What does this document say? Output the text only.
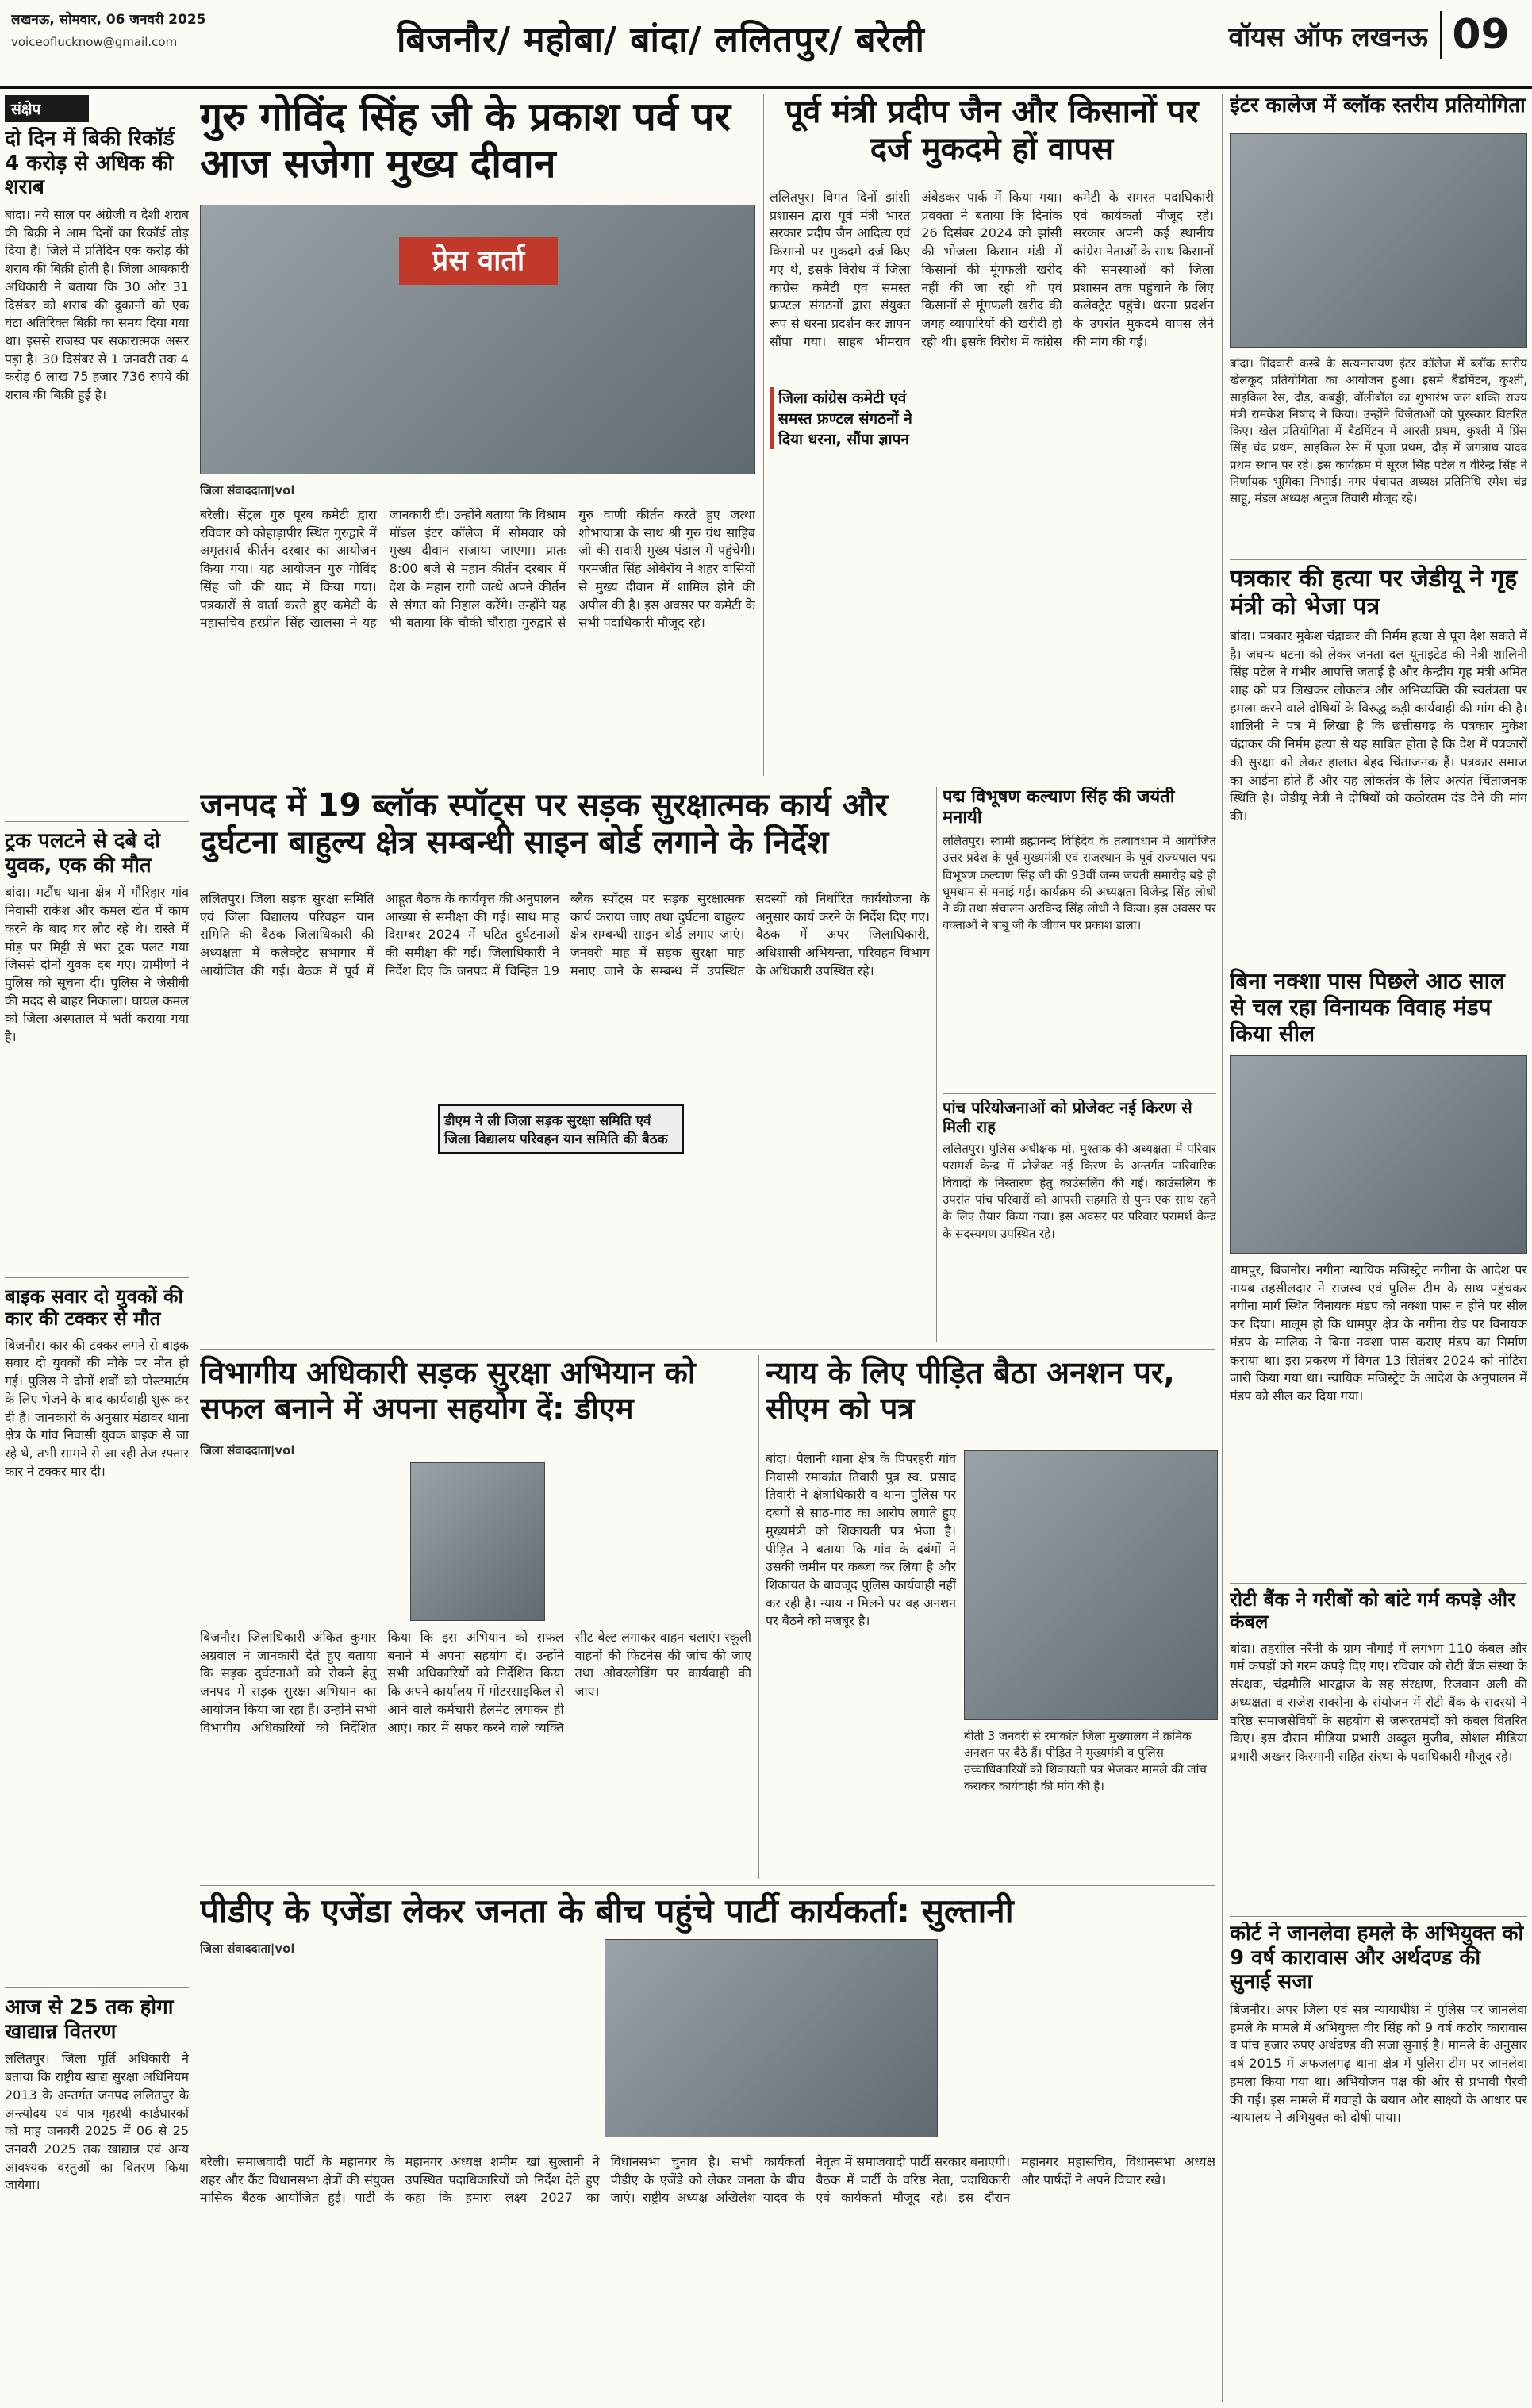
लखनऊ, सोमवार, 06 जनवरी 2025
voiceoflucknow@gmail.com	बिजनौर/ महोबा/ बांदा/ ललितपुर/ बरेली	वॉयस ऑफ लखनऊ 09
संक्षेप
दो दिन में बिकी रिकॉर्ड 4 करोड़ से अधिक की शराब
बांदा। नये साल पर अंग्रेजी व देशी शराब की बिक्री ने आम दिनों का रिकॉर्ड तोड़ दिया है। जिले में प्रतिदिन एक करोड़ की शराब की बिक्री होती है। जिला आबकारी अधिकारी ने बताया कि 30 और 31 दिसंबर को शराब की दुकानों को एक घंटा अतिरिक्त बिक्री का समय दिया गया था। इससे राजस्व पर सकारात्मक असर पड़ा है। 30 दिसंबर से 1 जनवरी तक 4 करोड़ 6 लाख 75 हजार 736 रुपये की शराब की बिक्री हुई है।
ट्रक पलटने से दबे दो युवक, एक की मौत
बांदा। मटौंध थाना क्षेत्र में गौरिहार गांव निवासी राकेश और कमल खेत में काम करने के बाद घर लौट रहे थे। रास्ते में मोड़ पर मिट्टी से भरा ट्रक पलट गया जिससे दोनों युवक दब गए। ग्रामीणों ने पुलिस को सूचना दी। पुलिस ने जेसीबी की मदद से बाहर निकाला। घायल कमल को जिला अस्पताल में भर्ती कराया गया है।
बाइक सवार दो युवकों की कार की टक्कर से मौत
बिजनौर। कार की टक्कर लगने से बाइक सवार दो युवकों की मौके पर मौत हो गई। पुलिस ने दोनों शवों को पोस्टमार्टम के लिए भेजने के बाद कार्यवाही शुरू कर दी है। जानकारी के अनुसार मंडावर थाना क्षेत्र के गांव निवासी युवक बाइक से जा रहे थे, तभी सामने से आ रही तेज रफ्तार कार ने टक्कर मार दी।
आज से 25 तक होगा खाद्यान्न वितरण
ललितपुर। जिला पूर्ति अधिकारी ने बताया कि राष्ट्रीय खाद्य सुरक्षा अधिनियम 2013 के अन्तर्गत जनपद ललितपुर के अन्त्योदय एवं पात्र गृहस्थी कार्डधारकों को माह जनवरी 2025 में 06 से 25 जनवरी 2025 तक खाद्यान्न एवं अन्य आवश्यक वस्तुओं का वितरण किया जायेगा।
गुरु गोविंद सिंह जी के प्रकाश पर्व पर आज सजेगा मुख्य दीवान
प्रेस वार्ता
जिला संवाददाता|vol
बरेली। सेंट्रल गुरु पूरब कमेटी द्वारा रविवार को कोहाड़ापीर स्थित गुरुद्वारे में अमृतसर्व कीर्तन दरबार का आयोजन किया गया। यह आयोजन गुरु गोविंद सिंह जी की याद में किया गया। पत्रकारों से वार्ता करते हुए कमेटी के महासचिव हरप्रीत सिंह खालसा ने यह जानकारी दी। उन्होंने बताया कि विश्राम मॉडल इंटर कॉलेज में सोमवार को मुख्य दीवान सजाया जाएगा। प्रातः 8:00 बजे से महान कीर्तन दरबार में देश के महान रागी जत्थे अपने कीर्तन से संगत को निहाल करेंगे। उन्होंने यह भी बताया कि चौकी चौराहा गुरुद्वारे से गुरु वाणी कीर्तन करते हुए जत्था शोभायात्रा के साथ श्री गुरु ग्रंथ साहिब जी की सवारी मुख्य पंडाल में पहुंचेगी। परमजीत सिंह ओबेरॉय ने शहर वासियों से मुख्य दीवान में शामिल होने की अपील की है। इस अवसर पर कमेटी के सभी पदाधिकारी मौजूद रहे।
पूर्व मंत्री प्रदीप जैन और किसानों पर दर्ज मुकदमे हों वापस
जिला कांग्रेस कमेटी एवं समस्त फ्रण्टल संगठनों ने दिया धरना, सौंपा ज्ञापन
ललितपुर। विगत दिनों झांसी प्रशासन द्वारा पूर्व मंत्री भारत सरकार प्रदीप जैन आदित्य एवं किसानों पर मुकदमे दर्ज किए गए थे, इसके विरोध में जिला कांग्रेस कमेटी एवं समस्त फ्रण्टल संगठनों द्वारा संयुक्त रूप से धरना प्रदर्शन कर ज्ञापन सौंपा गया। साहब भीमराव अंबेडकर पार्क में किया गया। प्रवक्ता ने बताया कि दिनांक 26 दिसंबर 2024 को झांसी की भोजला किसान मंडी में किसानों की मूंगफली खरीद नहीं की जा रही थी एवं किसानों से मूंगफली खरीद की जगह व्यापारियों की खरीदी हो रही थी। इसके विरोध में कांग्रेस कमेटी के समस्त पदाधिकारी एवं कार्यकर्ता मौजूद रहे। सरकार अपनी कई स्थानीय कांग्रेस नेताओं के साथ किसानों की समस्याओं को जिला प्रशासन तक पहुंचाने के लिए कलेक्ट्रेट पहुंचे। धरना प्रदर्शन के उपरांत मुकदमे वापस लेने की मांग की गई।
इंटर कालेज में ब्लॉक स्तरीय प्रतियोगिता
बांदा। तिंदवारी कस्बे के सत्यनारायण इंटर कॉलेज में ब्लॉक स्तरीय खेलकूद प्रतियोगिता का आयोजन हुआ। इसमें बैडमिंटन, कुश्ती, साइकिल रेस, दौड़, कबड्डी, वॉलीबॉल का शुभारंभ जल शक्ति राज्य मंत्री रामकेश निषाद ने किया। उन्होंने विजेताओं को पुरस्कार वितरित किए। खेल प्रतियोगिता में बैडमिंटन में आरती प्रथम, कुश्ती में प्रिंस सिंह चंद प्रथम, साइकिल रेस में पूजा प्रथम, दौड़ में जगन्नाथ यादव प्रथम स्थान पर रहे। इस कार्यक्रम में सूरज सिंह पटेल व वीरेन्द्र सिंह ने निर्णायक भूमिका निभाई। नगर पंचायत अध्यक्ष प्रतिनिधि रमेश चंद्र साहू, मंडल अध्यक्ष अनुज तिवारी मौजूद रहे।
पत्रकार की हत्या पर जेडीयू ने गृह मंत्री को भेजा पत्र
बांदा। पत्रकार मुकेश चंद्राकर की निर्मम हत्या से पूरा देश सकते में है। जघन्य घटना को लेकर जनता दल यूनाइटेड की नेत्री शालिनी सिंह पटेल ने गंभीर आपत्ति जताई है और केन्द्रीय गृह मंत्री अमित शाह को पत्र लिखकर लोकतंत्र और अभिव्यक्ति की स्वतंत्रता पर हमला करने वाले दोषियों के विरुद्ध कड़ी कार्यवाही की मांग की है। शालिनी ने पत्र में लिखा है कि छत्तीसगढ़ के पत्रकार मुकेश चंद्राकर की निर्मम हत्या से यह साबित होता है कि देश में पत्रकारों की सुरक्षा को लेकर हालात बेहद चिंताजनक हैं। पत्रकार समाज का आईना होते हैं और यह लोकतंत्र के लिए अत्यंत चिंताजनक स्थिति है। जेडीयू नेत्री ने दोषियों को कठोरतम दंड देने की मांग की।
बिना नक्शा पास पिछले आठ साल से चल रहा विनायक विवाह मंडप किया सील
धामपुर, बिजनौर। नगीना न्यायिक मजिस्ट्रेट नगीना के आदेश पर नायब तहसीलदार ने राजस्व एवं पुलिस टीम के साथ पहुंचकर नगीना मार्ग स्थित विनायक मंडप को नक्शा पास न होने पर सील कर दिया। मालूम हो कि धामपुर क्षेत्र के नगीना रोड पर विनायक मंडप के मालिक ने बिना नक्शा पास कराए मंडप का निर्माण कराया था। इस प्रकरण में विगत 13 सितंबर 2024 को नोटिस जारी किया गया था। न्यायिक मजिस्ट्रेट के आदेश के अनुपालन में मंडप को सील कर दिया गया।
रोटी बैंक ने गरीबों को बांटे गर्म कपड़े और कंबल
बांदा। तहसील नरैनी के ग्राम नौगाई में लगभग 110 कंबल और गर्म कपड़ों को गरम कपड़े दिए गए। रविवार को रोटी बैंक संस्था के संरक्षक, चंद्रमौलि भारद्वाज के सह संरक्षण, रिजवान अली की अध्यक्षता व राजेश सक्सेना के संयोजन में रोटी बैंक के सदस्यों ने वरिष्ठ समाजसेवियों के सहयोग से जरूरतमंदों को कंबल वितरित किए। इस दौरान मीडिया प्रभारी अब्दुल मुजीब, सोशल मीडिया प्रभारी अख्तर किरमानी सहित संस्था के पदाधिकारी मौजूद रहे।
कोर्ट ने जानलेवा हमले के अभियुक्त को 9 वर्ष कारावास और अर्थदण्ड की सुनाई सजा
बिजनौर। अपर जिला एवं सत्र न्यायाधीश ने पुलिस पर जानलेवा हमले के मामले में अभियुक्त वीर सिंह को 9 वर्ष कठोर कारावास व पांच हजार रुपए अर्थदण्ड की सजा सुनाई है। मामले के अनुसार वर्ष 2015 में अफजलगढ़ थाना क्षेत्र में पुलिस टीम पर जानलेवा हमला किया गया था। अभियोजन पक्ष की ओर से प्रभावी पैरवी की गई। इस मामले में गवाहों के बयान और साक्ष्यों के आधार पर न्यायालय ने अभियुक्त को दोषी पाया।
जनपद में 19 ब्लॉक स्पॉट्स पर सड़क सुरक्षात्मक कार्य और दुर्घटना बाहुल्य क्षेत्र सम्बन्धी साइन बोर्ड लगाने के निर्देश
डीएम ने ली जिला सड़क सुरक्षा समिति एवं जिला विद्यालय परिवहन यान समिति की बैठक
ललितपुर। जिला सड़क सुरक्षा समिति एवं जिला विद्यालय परिवहन यान समिति की बैठक जिलाधिकारी की अध्यक्षता में कलेक्ट्रेट सभागार में आयोजित की गई। बैठक में पूर्व में आहूत बैठक के कार्यवृत्त की अनुपालन आख्या से समीक्षा की गई। साथ माह दिसम्बर 2024 में घटित दुर्घटनाओं की समीक्षा की गई। जिलाधिकारी ने निर्देश दिए कि जनपद में चिन्हित 19 ब्लैक स्पॉट्स पर सड़क सुरक्षात्मक कार्य कराया जाए तथा दुर्घटना बाहुल्य क्षेत्र सम्बन्धी साइन बोर्ड लगाए जाएं। जनवरी माह में सड़क सुरक्षा माह मनाए जाने के सम्बन्ध में उपस्थित सदस्यों को निर्धारित कार्ययोजना के अनुसार कार्य करने के निर्देश दिए गए। बैठक में अपर जिलाधिकारी, अधिशासी अभियन्ता, परिवहन विभाग के अधिकारी उपस्थित रहे।
पद्म विभूषण कल्याण सिंह की जयंती मनायी
ललितपुर। स्वामी ब्रह्मानन्द विहिदेव के तत्वावधान में आयोजित उत्तर प्रदेश के पूर्व मुख्यमंत्री एवं राजस्थान के पूर्व राज्यपाल पद्म विभूषण कल्याण सिंह जी की 93वीं जन्म जयंती समारोह बड़े ही धूमधाम से मनाई गई। कार्यक्रम की अध्यक्षता विजेन्द्र सिंह लोधी ने की तथा संचालन अरविन्द सिंह लोधी ने किया। इस अवसर पर वक्ताओं ने बाबू जी के जीवन पर प्रकाश डाला।
पांच परियोजनाओं को प्रोजेक्ट नई किरण से मिली राह
ललितपुर। पुलिस अधीक्षक मो. मुश्ताक की अध्यक्षता में परिवार परामर्श केन्द्र में प्रोजेक्ट नई किरण के अन्तर्गत पारिवारिक विवादों के निस्तारण हेतु काउंसलिंग की गई। काउंसलिंग के उपरांत पांच परिवारों को आपसी सहमति से पुनः एक साथ रहने के लिए तैयार किया गया। इस अवसर पर परिवार परामर्श केन्द्र के सदस्यगण उपस्थित रहे।
विभागीय अधिकारी सड़क सुरक्षा अभियान को सफल बनाने में अपना सहयोग दें: डीएम
जिला संवाददाता|vol
बिजनौर। जिलाधिकारी अंकित कुमार अग्रवाल ने जानकारी देते हुए बताया कि सड़क दुर्घटनाओं को रोकने हेतु जनपद में सड़क सुरक्षा अभियान का आयोजन किया जा रहा है। उन्होंने सभी विभागीय अधिकारियों को निर्देशित किया कि इस अभियान को सफल बनाने में अपना सहयोग दें। उन्होंने सभी अधिकारियों को निर्देशित किया कि अपने कार्यालय में मोटरसाइकिल से आने वाले कर्मचारी हेलमेट लगाकर ही आएं। कार में सफर करने वाले व्यक्ति सीट बेल्ट लगाकर वाहन चलाएं। स्कूली वाहनों की फिटनेस की जांच की जाए तथा ओवरलोडिंग पर कार्यवाही की जाए।
न्याय के लिए पीड़ित बैठा अनशन पर, सीएम को पत्र
बीती 3 जनवरी से रमाकांत जिला मुख्यालय में क्रमिक अनशन पर बैठे हैं। पीड़ित ने मुख्यमंत्री व पुलिस उच्चाधिकारियों को शिकायती पत्र भेजकर मामले की जांच कराकर कार्यवाही की मांग की है।
बांदा। पैलानी थाना क्षेत्र के पिपरहरी गांव निवासी रमाकांत तिवारी पुत्र स्व. प्रसाद तिवारी ने क्षेत्राधिकारी व थाना पुलिस पर दबंगों से सांठ-गांठ का आरोप लगाते हुए मुख्यमंत्री को शिकायती पत्र भेजा है। पीड़ित ने बताया कि गांव के दबंगों ने उसकी जमीन पर कब्जा कर लिया है और शिकायत के बावजूद पुलिस कार्यवाही नहीं कर रही है। न्याय न मिलने पर वह अनशन पर बैठने को मजबूर है।
पीडीए के एजेंडा लेकर जनता के बीच पहुंचे पार्टी कार्यकर्ता: सुल्तानी
जिला संवाददाता|vol
बरेली। समाजवादी पार्टी के महानगर के शहर और कैंट विधानसभा क्षेत्रों की संयुक्त मासिक बैठक आयोजित हुई। पार्टी के महानगर अध्यक्ष शमीम खां सुल्तानी ने उपस्थित पदाधिकारियों को निर्देश देते हुए कहा कि हमारा लक्ष्य 2027 का विधानसभा चुनाव है। सभी कार्यकर्ता पीडीए के एजेंडे को लेकर जनता के बीच जाएं। राष्ट्रीय अध्यक्ष अखिलेश यादव के नेतृत्व में समाजवादी पार्टी सरकार बनाएगी। बैठक में पार्टी के वरिष्ठ नेता, पदाधिकारी एवं कार्यकर्ता मौजूद रहे। इस दौरान महानगर महासचिव, विधानसभा अध्यक्ष और पार्षदों ने अपने विचार रखे।
